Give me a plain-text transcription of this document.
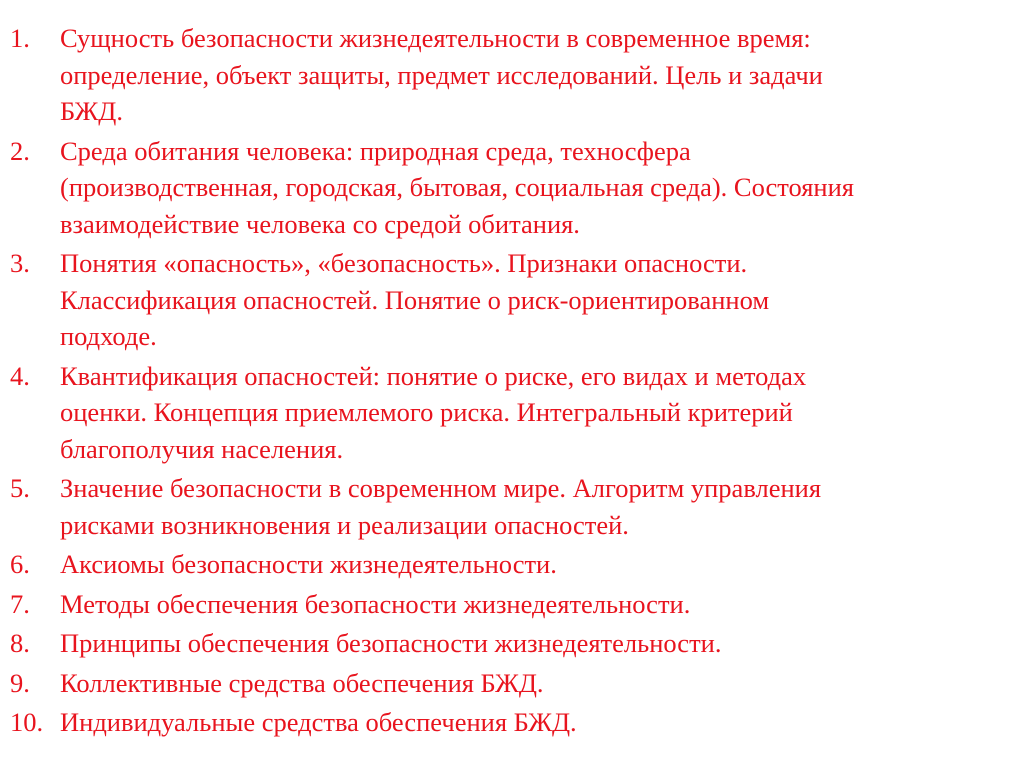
1.	Сущность безопасности жизнедеятельности в современное время:
определение, объект защиты, предмет исследований. Цель и задачи
БЖД.
2.	Среда обитания человека: природная среда, техносфера
(производственная, городская, бытовая, социальная среда). Состояния
взаимодействие человека со средой обитания.
3.	Понятия «опасность», «безопасность». Признаки опасности.
Классификация опасностей. Понятие о риск-ориентированном
подходе.
4.	Квантификация опасностей: понятие о риске, его видах и методах
оценки. Концепция приемлемого риска. Интегральный критерий
благополучия населения.
5.	Значение безопасности в современном мире. Алгоритм управления
рисками возникновения и реализации опасностей.
6.	Аксиомы безопасности жизнедеятельности.
7.	Методы обеспечения безопасности жизнедеятельности.
8.	Принципы обеспечения безопасности жизнедеятельности.
9.	Коллективные средства обеспечения БЖД.
10. Индивидуальные средства обеспечения БЖД.
